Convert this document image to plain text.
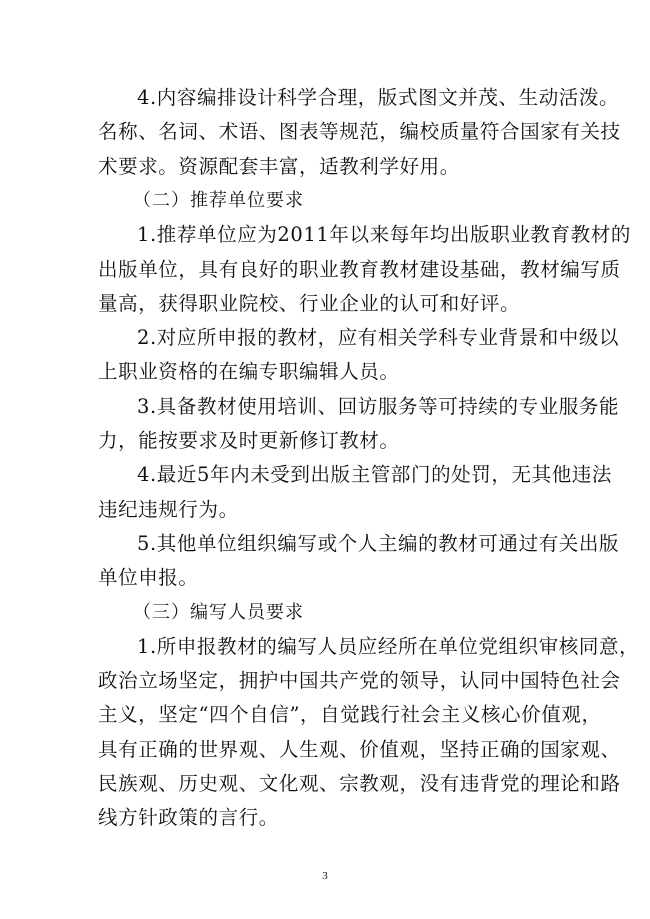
4.内容编排设计科学合理，版式图文并茂、生动活泼。
名称、名词、术语、图表等规范，编校质量符合国家有关技
术要求。资源配套丰富，适教利学好用。
（二）推荐单位要求
1.推荐单位应为2011年以来每年均出版职业教育教材的
出版单位，具有良好的职业教育教材建设基础，教材编写质
量高，获得职业院校、行业企业的认可和好评。
2.对应所申报的教材，应有相关学科专业背景和中级以
上职业资格的在编专职编辑人员。
3.具备教材使用培训、回访服务等可持续的专业服务能
力，能按要求及时更新修订教材。
4.最近5年内未受到出版主管部门的处罚，无其他违法
违纪违规行为。
5.其他单位组织编写或个人主编的教材可通过有关出版
单位申报。
（三）编写人员要求
1.所申报教材的编写人员应经所在单位党组织审核同意，
政治立场坚定，拥护中国共产党的领导，认同中国特色社会
主义，坚定“四个自信”，自觉践行社会主义核心价值观，
具有正确的世界观、人生观、价值观，坚持正确的国家观、
民族观、历史观、文化观、宗教观，没有违背党的理论和路
线方针政策的言行。
3
